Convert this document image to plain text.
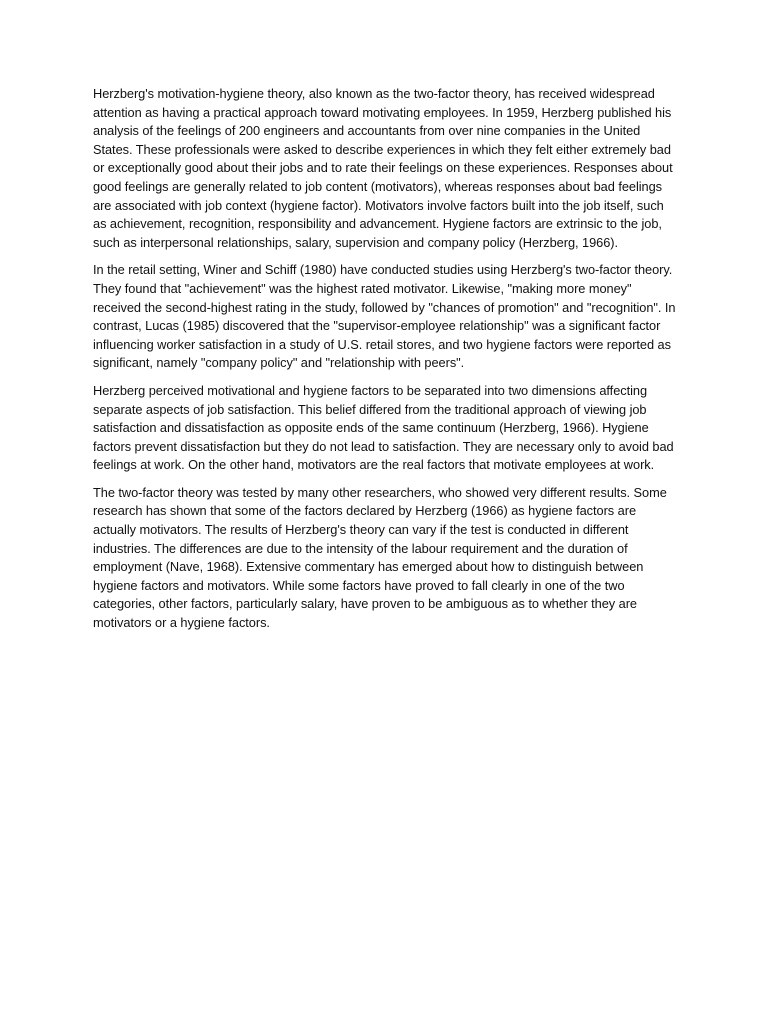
Herzberg's motivation-hygiene theory, also known as the two-factor theory, has received widespread attention as having a practical approach toward motivating employees. In 1959, Herzberg published his analysis of the feelings of 200 engineers and accountants from over nine companies in the United States. These professionals were asked to describe experiences in which they felt either extremely bad or exceptionally good about their jobs and to rate their feelings on these experiences. Responses about good feelings are generally related to job content (motivators), whereas responses about bad feelings are associated with job context (hygiene factor). Motivators involve factors built into the job itself, such as achievement, recognition, responsibility and advancement. Hygiene factors are extrinsic to the job, such as interpersonal relationships, salary, supervision and company policy (Herzberg, 1966).

In the retail setting, Winer and Schiff (1980) have conducted studies using Herzberg's two-factor theory. They found that "achievement" was the highest rated motivator. Likewise, "making more money" received the second-highest rating in the study, followed by "chances of promotion" and "recognition". In contrast, Lucas (1985) discovered that the "supervisor-employee relationship" was a significant factor influencing worker satisfaction in a study of U.S. retail stores, and two hygiene factors were reported as significant, namely "company policy" and "relationship with peers".

Herzberg perceived motivational and hygiene factors to be separated into two dimensions affecting separate aspects of job satisfaction. This belief differed from the traditional approach of viewing job satisfaction and dissatisfaction as opposite ends of the same continuum (Herzberg, 1966). Hygiene factors prevent dissatisfaction but they do not lead to satisfaction. They are necessary only to avoid bad feelings at work. On the other hand, motivators are the real factors that motivate employees at work.

The two-factor theory was tested by many other researchers, who showed very different results. Some research has shown that some of the factors declared by Herzberg (1966) as hygiene factors are actually motivators. The results of Herzberg's theory can vary if the test is conducted in different industries. The differences are due to the intensity of the labour requirement and the duration of employment (Nave, 1968). Extensive commentary has emerged about how to distinguish between hygiene factors and motivators. While some factors have proved to fall clearly in one of the two categories, other factors, particularly salary, have proven to be ambiguous as to whether they are motivators or a hygiene factors.
